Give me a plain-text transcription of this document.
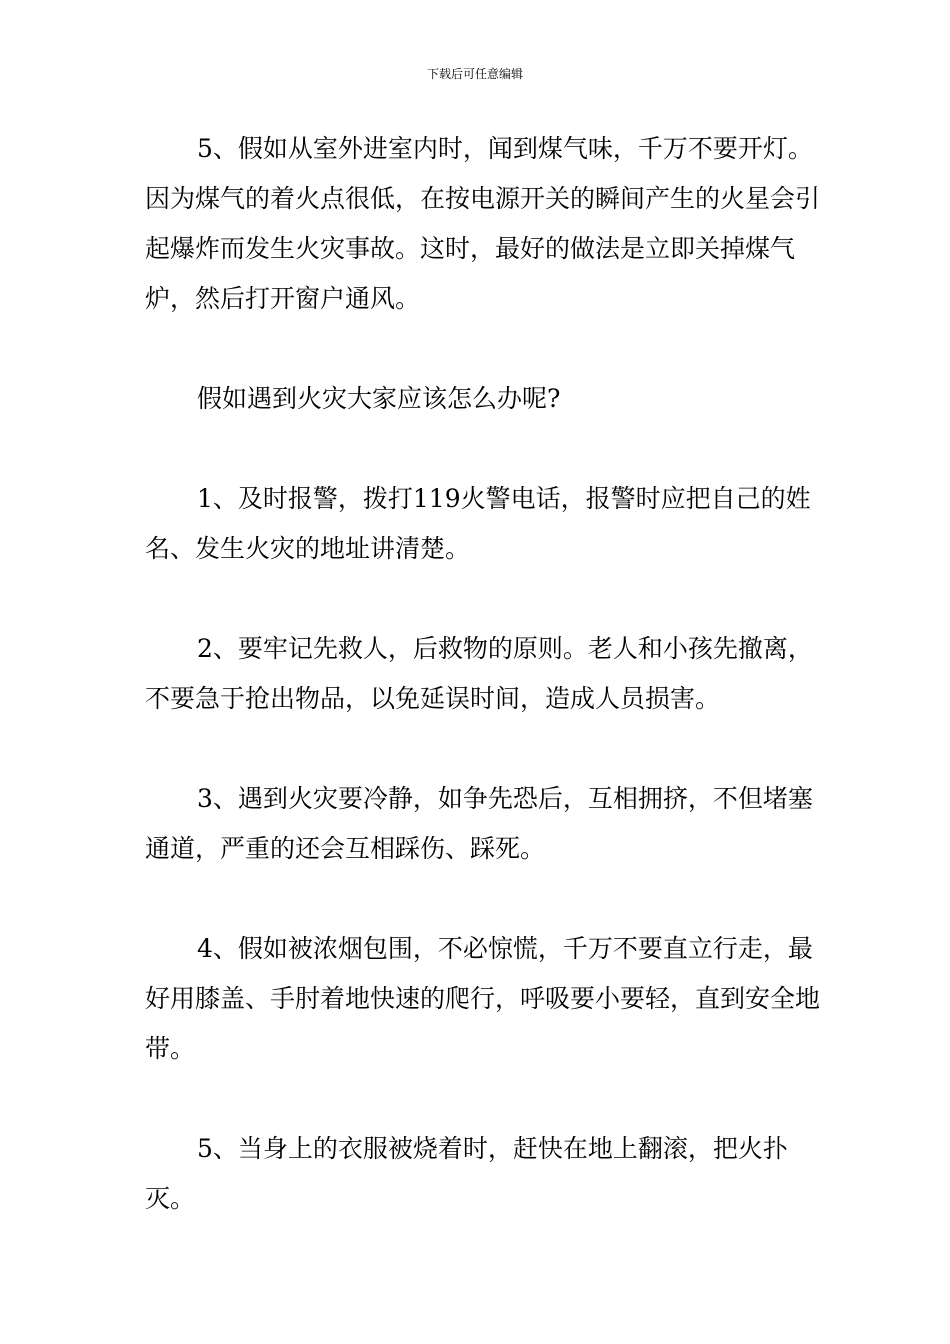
下载后可任意编辑

5、假如从室外进室内时，闻到煤气味，千万不要开灯。因为煤气的着火点很低，在按电源开关的瞬间产生的火星会引起爆炸而发生火灾事故。这时，最好的做法是立即关掉煤气炉，然后打开窗户通风。

假如遇到火灾大家应该怎么办呢?

1、及时报警，拨打119火警电话，报警时应把自己的姓名、发生火灾的地址讲清楚。

2、要牢记先救人，后救物的原则。老人和小孩先撤离，不要急于抢出物品，以免延误时间，造成人员损害。

3、遇到火灾要冷静，如争先恐后，互相拥挤，不但堵塞通道，严重的还会互相踩伤、踩死。

4、假如被浓烟包围，不必惊慌，千万不要直立行走，最好用膝盖、手肘着地快速的爬行，呼吸要小要轻，直到安全地带。

5、当身上的衣服被烧着时，赶快在地上翻滚，把火扑灭。
